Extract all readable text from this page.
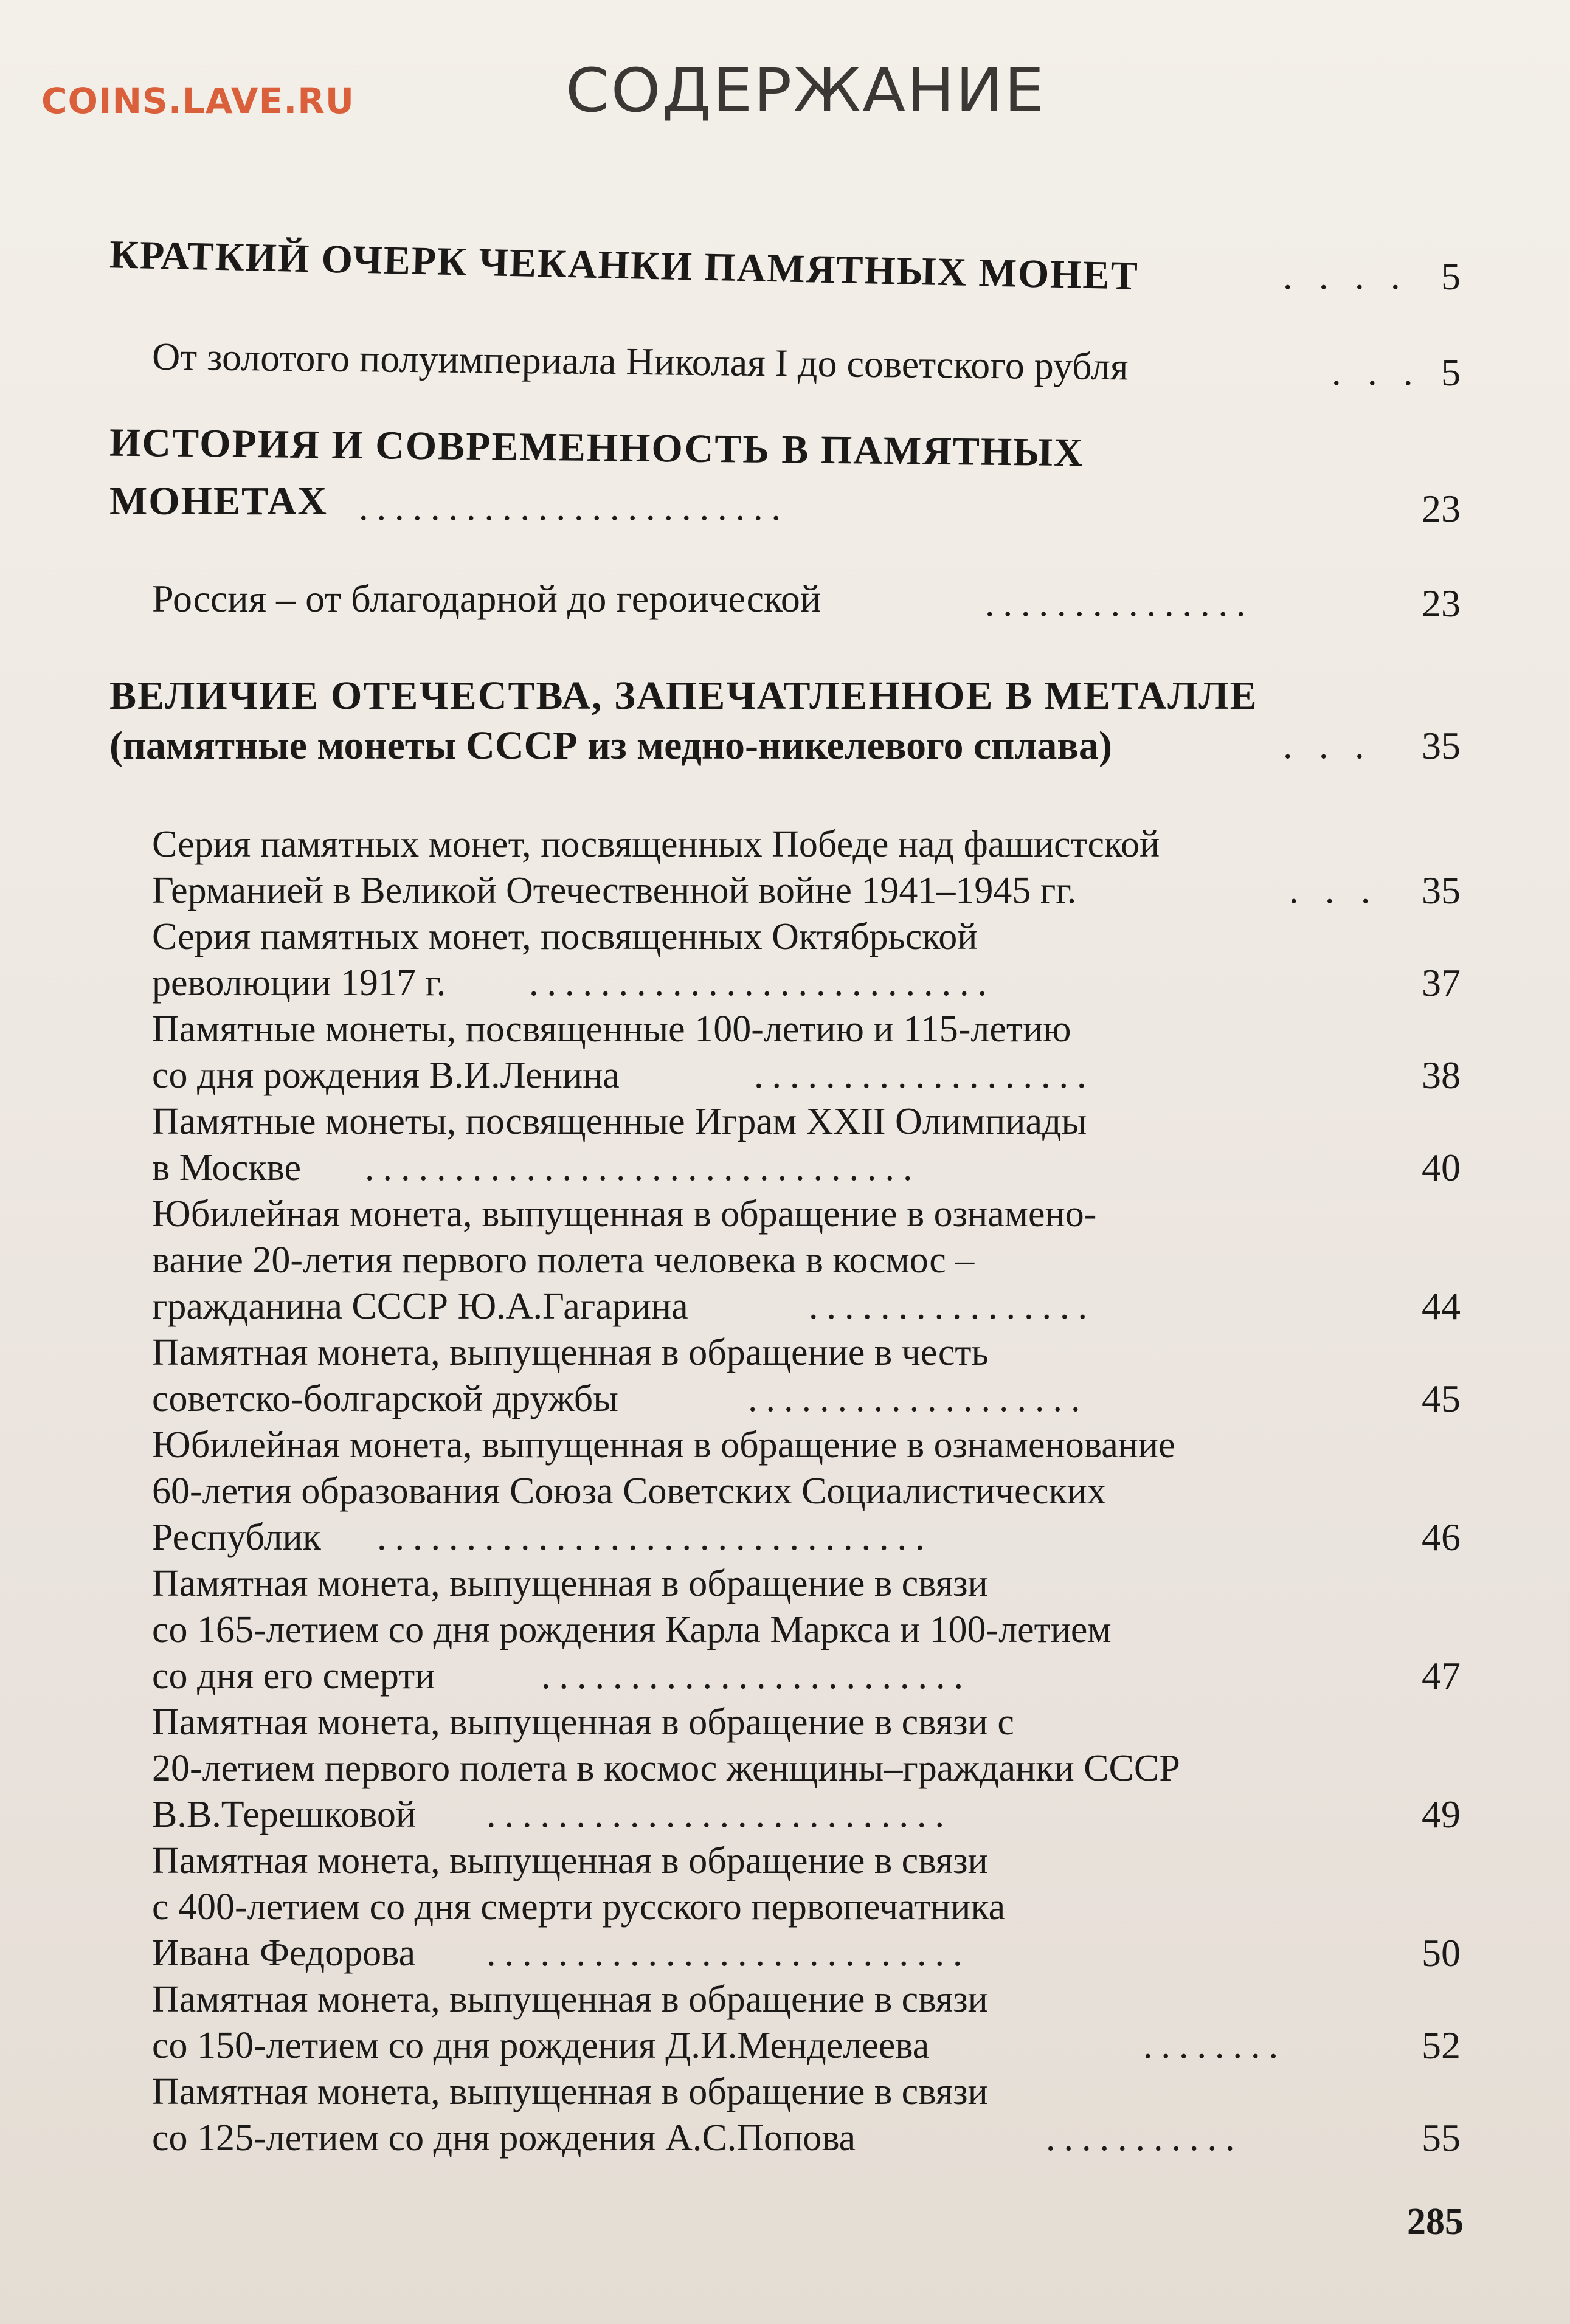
COINS.LAVE.RU	СОДЕРЖАНИЕ
КРАТКИЙ ОЧЕРК ЧЕКАНКИ ПАМЯТНЫХ МОНЕТ	. . . . 5
От золотого полуимпериала Николая I до советского рубля	. . . 5
ИСТОРИЯ И СОВРЕМЕННОСТЬ В ПАМЯТНЫХ
МОНЕТАХ ........................	23
Россия – от благодарной до героической	...............	23
ВЕЛИЧИЕ ОТЕЧЕСТВА, ЗАПЕЧАТЛЕННОЕ В МЕТАЛЛЕ
(памятные монеты СССР из медно-никелевого сплава)	. . .	35
Серия памятных монет, посвященных Победе над фашистской
Германией в Великой Отечественной войне 1941–1945 гг.	. . .	35
Серия памятных монет, посвященных Октябрьской
революции 1917 г. ..........................	37
Памятные монеты, посвященные 100-летию и 115-летию
со дня рождения В.И.Ленина	...................	38
Памятные монеты, посвященные Играм XXII Олимпиады
в Москве ...............................	40
Юбилейная монета, выпущенная в обращение в ознамено-
вание 20-летия первого полета человека в космос –
гражданина СССР Ю.А.Гагарина	................	44
Памятная монета, выпущенная в обращение в честь
советско-болгарской дружбы	...................	45
Юбилейная монета, выпущенная в обращение в ознаменование
60-летия образования Союза Советских Социалистических
Республик ...............................	46
Памятная монета, выпущенная в обращение в связи
со 165-летием со дня рождения Карла Маркса и 100-летием
со дня его смерти	........................	47
Памятная монета, выпущенная в обращение в связи с
20-летием первого полета в космос женщины–гражданки СССР
В.В.Терешковой ..........................	49
Памятная монета, выпущенная в обращение в связи
с 400-летием со дня смерти русского первопечатника
Ивана Федорова ...........................	50
Памятная монета, выпущенная в обращение в связи
со 150-летием со дня рождения Д.И.Менделеева	........	52
Памятная монета, выпущенная в обращение в связи
со 125-летием со дня рождения А.С.Попова	...........	55
285
